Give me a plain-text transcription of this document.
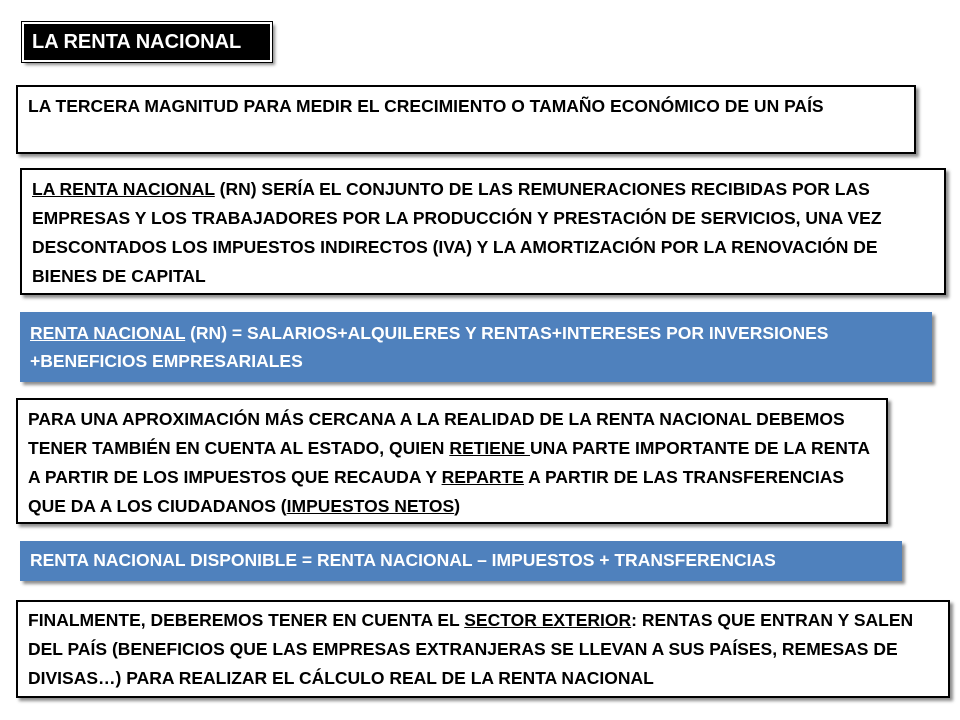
LA RENTA NACIONAL
LA TERCERA MAGNITUD PARA MEDIR EL CRECIMIENTO O TAMAÑO ECONÓMICO DE UN PAÍS
LA RENTA NACIONAL (RN) SERÍA EL CONJUNTO DE LAS REMUNERACIONES RECIBIDAS POR LAS EMPRESAS Y LOS TRABAJADORES POR LA PRODUCCIÓN Y PRESTACIÓN DE SERVICIOS, UNA VEZ DESCONTADOS LOS IMPUESTOS INDIRECTOS (IVA) Y LA AMORTIZACIÓN POR LA RENOVACIÓN DE BIENES DE CAPITAL
RENTA NACIONAL (RN) = SALARIOS+ALQUILERES Y RENTAS+INTERESES POR INVERSIONES +BENEFICIOS EMPRESARIALES
PARA UNA APROXIMACIÓN MÁS CERCANA A LA REALIDAD DE LA RENTA NACIONAL DEBEMOS TENER TAMBIÉN EN CUENTA AL ESTADO, QUIEN RETIENE UNA PARTE IMPORTANTE DE LA RENTA A PARTIR DE LOS IMPUESTOS QUE RECAUDA Y REPARTE A PARTIR DE LAS TRANSFERENCIAS QUE DA A LOS CIUDADANOS (IMPUESTOS NETOS)
RENTA NACIONAL DISPONIBLE = RENTA NACIONAL – IMPUESTOS + TRANSFERENCIAS
FINALMENTE, DEBEREMOS TENER EN CUENTA EL SECTOR EXTERIOR: RENTAS QUE ENTRAN Y SALEN DEL PAÍS (BENEFICIOS QUE LAS EMPRESAS EXTRANJERAS SE LLEVAN A SUS PAÍSES, REMESAS DE DIVISAS…) PARA REALIZAR EL CÁLCULO REAL DE LA RENTA NACIONAL
